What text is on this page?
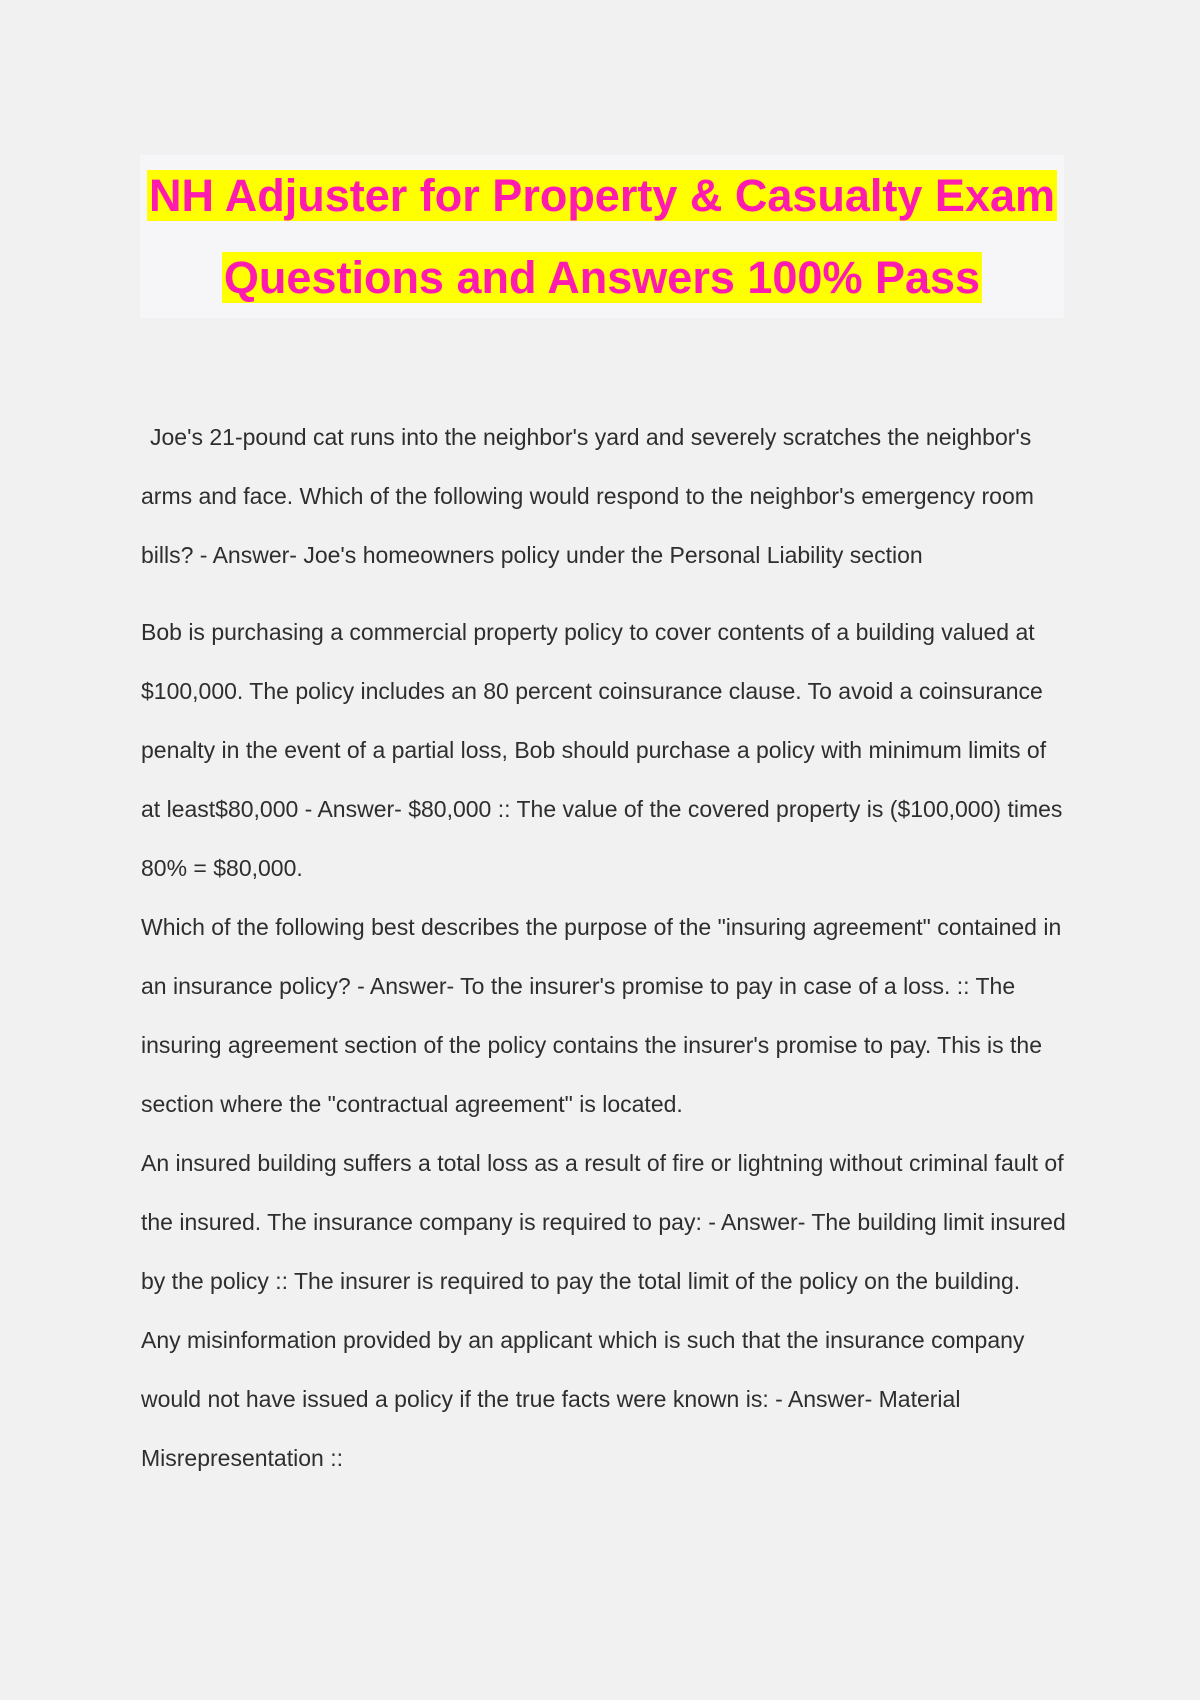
NH Adjuster for Property & Casualty Exam
Questions and Answers 100% Pass

Joe's 21-pound cat runs into the neighbor's yard and severely scratches the neighbor's arms and face. Which of the following would respond to the neighbor's emergency room bills? - Answer- Joe's homeowners policy under the Personal Liability section

Bob is purchasing a commercial property policy to cover contents of a building valued at $100,000. The policy includes an 80 percent coinsurance clause. To avoid a coinsurance penalty in the event of a partial loss, Bob should purchase a policy with minimum limits of at least$80,000 - Answer- $80,000 :: The value of the covered property is ($100,000) times 80% = $80,000.

Which of the following best describes the purpose of the "insuring agreement" contained in an insurance policy? - Answer- To the insurer's promise to pay in case of a loss. :: The insuring agreement section of the policy contains the insurer's promise to pay. This is the section where the "contractual agreement" is located.

An insured building suffers a total loss as a result of fire or lightning without criminal fault of the insured. The insurance company is required to pay: - Answer- The building limit insured by the policy :: The insurer is required to pay the total limit of the policy on the building.

Any misinformation provided by an applicant which is such that the insurance company would not have issued a policy if the true facts were known is: - Answer- Material Misrepresentation ::
